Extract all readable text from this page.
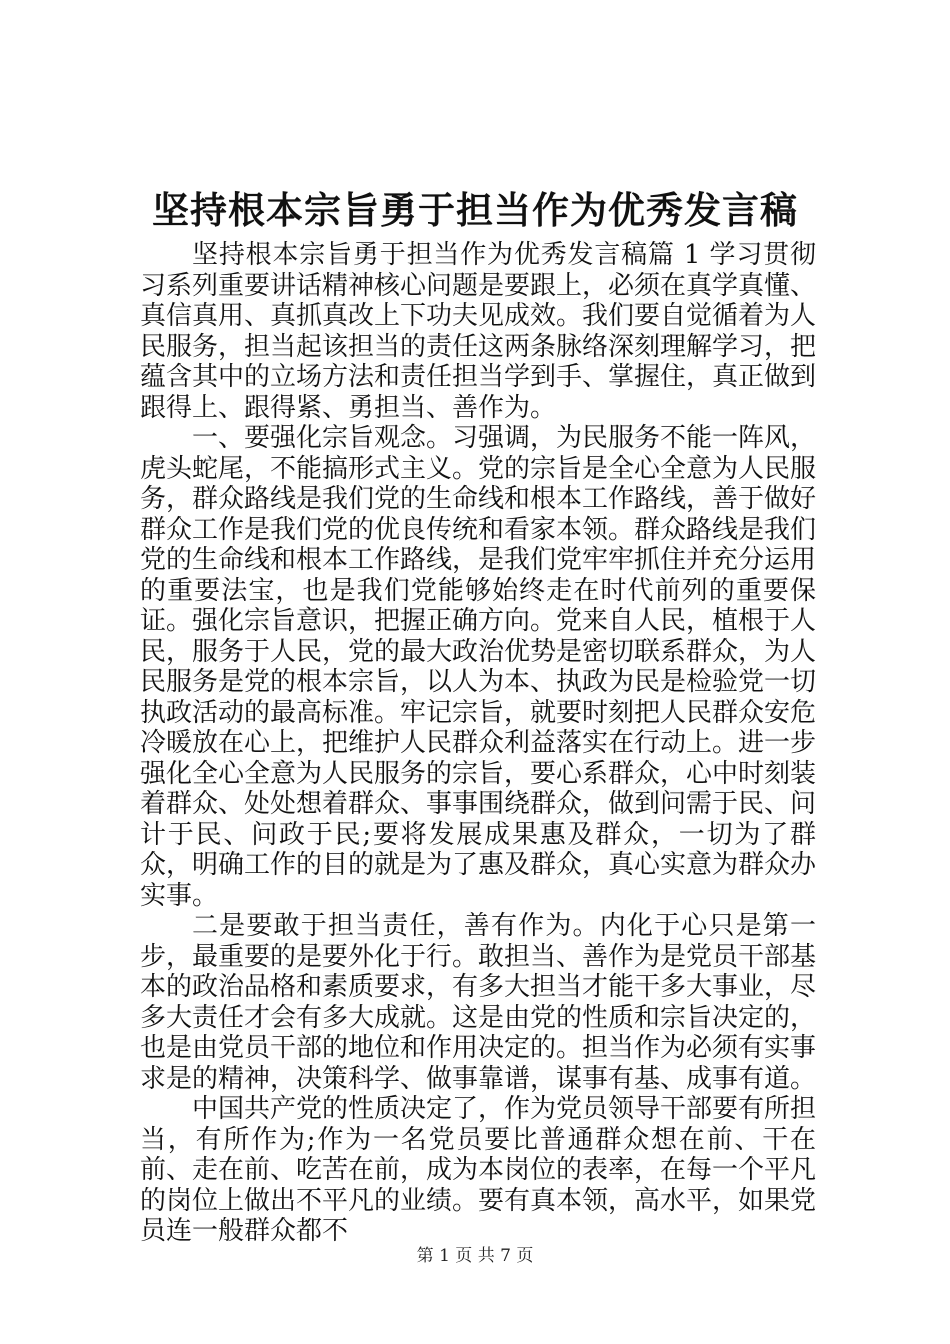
坚持根本宗旨勇于担当作为优秀发言稿

坚持根本宗旨勇于担当作为优秀发言稿篇 1 学习贯彻习系列重要讲话精神核心问题是要跟上，必须在真学真懂、真信真用、真抓真改上下功夫见成效。我们要自觉循着为人民服务，担当起该担当的责任这两条脉络深刻理解学习，把蕴含其中的立场方法和责任担当学到手、掌握住，真正做到跟得上、跟得紧、勇担当、善作为。

一、要强化宗旨观念。习强调，为民服务不能一阵风，虎头蛇尾，不能搞形式主义。党的宗旨是全心全意为人民服务，群众路线是我们党的生命线和根本工作路线，善于做好群众工作是我们党的优良传统和看家本领。群众路线是我们党的生命线和根本工作路线，是我们党牢牢抓住并充分运用的重要法宝，也是我们党能够始终走在时代前列的重要保证。强化宗旨意识，把握正确方向。党来自人民，植根于人民，服务于人民，党的最大政治优势是密切联系群众，为人民服务是党的根本宗旨，以人为本、执政为民是检验党一切执政活动的最高标准。牢记宗旨，就要时刻把人民群众安危冷暖放在心上，把维护人民群众利益落实在行动上。进一步强化全心全意为人民服务的宗旨，要心系群众，心中时刻装着群众、处处想着群众、事事围绕群众，做到问需于民、问计于民、问政于民;要将发展成果惠及群众，一切为了群众，明确工作的目的就是为了惠及群众，真心实意为群众办实事。

二是要敢于担当责任，善有作为。内化于心只是第一步，最重要的是要外化于行。敢担当、善作为是党员干部基本的政治品格和素质要求，有多大担当才能干多大事业，尽多大责任才会有多大成就。这是由党的性质和宗旨决定的，也是由党员干部的地位和作用决定的。担当作为必须有实事求是的精神，决策科学、做事靠谱，谋事有基、成事有道。

中国共产党的性质决定了，作为党员领导干部要有所担当，有所作为;作为一名党员要比普通群众想在前、干在前、走在前、吃苦在前，成为本岗位的表率，在每一个平凡的岗位上做出不平凡的业绩。要有真本领，高水平，如果党员连一般群众都不

第 1 页 共 7 页
